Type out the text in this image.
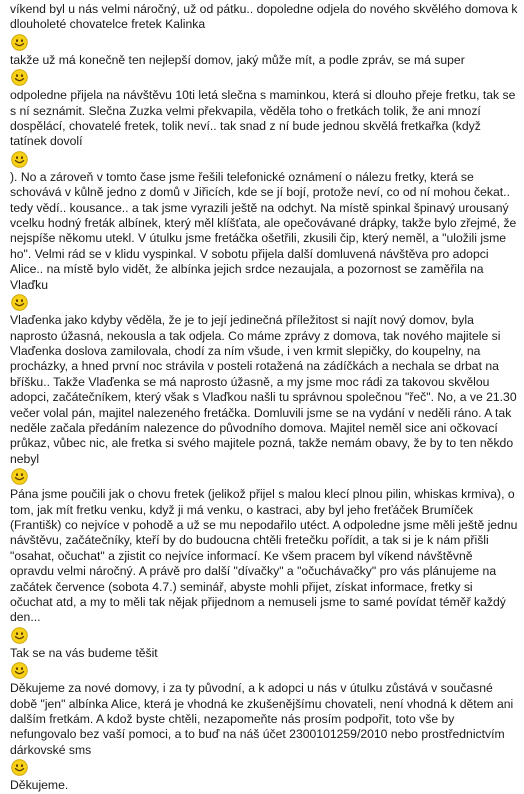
víkend byl u nás velmi náročný, už od pátku.. dopoledne odjela do nového skvělého domova k dlouholeté chovatelce fretek Kalinka

takže už má konečně ten nejlepší domov, jaký může mít, a podle zpráv, se má super

odpoledne přijela na návštěvu 10ti letá slečna s maminkou, která si dlouho přeje fretku, tak se s ní seznámit. Slečna Zuzka velmi překvapila, věděla toho o fretkách tolik, že ani mnozí dospělácí, chovatelé fretek, tolik neví.. tak snad z ní bude jednou skvělá fretkařka (když tatínek dovolí

). No a zároveň v tomto čase jsme řešili telefonické oznámení o nálezu fretky, která se schovává v kůlně jedno z domů v Jiřicích, kde se jí bojí, protože neví, co od ní mohou čekat.. tedy vědí.. kousance.. a tak jsme vyrazili ještě na odchyt. Na místě spinkal špinavý urousaný vcelku hodný freták albínek, který měl klíšťata, ale opečovávané drápky, takže bylo zřejmé, že nejspíše někomu utekl. V útulku jsme fretáčka ošetřili, zkusili čip, který neměl, a "uložili jsme ho". Velmi rád se v klidu vyspinkal. V sobotu přijela další domluvená návštěva pro adopci Alice.. na místě bylo vidět, že albínka jejich srdce nezaujala, a pozornost se zaměřila na Vlaďku

Vlaďenka jako kdyby věděla, že je to její jedinečná příležitost si najít nový domov, byla naprosto úžasná, nekousla a tak odjela. Co máme zprávy z domova, tak nového majitele si Vlaďenka doslova zamilovala, chodí za ním všude, i ven krmit slepičky, do koupelny, na procházky, a hned první noc strávila v posteli rotažená na zádíčkách a nechala se drbat na bříšku.. Takže Vlaďenka se má naprosto úžasně, a my jsme moc rádi za takovou skvělou adopci, začátečníkem, který však s Vlaďkou našli tu správnou společnou "řeč". No, a ve 21.30 večer volal pán, majitel nalezeného fretáčka. Domluvili jsme se na vydání v neděli ráno. A tak neděle začala předáním nalezence do původního domova. Majitel neměl sice ani očkovací průkaz, vůbec nic, ale fretka si svého majitele pozná, takže nemám obavy, že by to ten někdo nebyl

Pána jsme poučili jak o chovu fretek (jelikož přijel s malou klecí plnou pilin, whiskas krmiva), o tom, jak mít fretku venku, když ji má venku, o kastraci, aby byl jeho freťáček Brumíček (Františk) co nejvíce v pohodě a už se mu nepodařilo utéct. A odpoledne jsme měli ještě jednu návštěvu, začátečníky, kteří by do budoucna chtěli fretečku pořídit, a tak si je k nám přišli "osahat, očuchat" a zjistit co nejvíce informací. Ke všem pracem byl víkend návštěvně opravdu velmi náročný. A právě pro další "dívačky" a "očuchávačky" pro vás plánujeme na začátek července (sobota 4.7.) seminář, abyste mohli přijet, získat informace, fretky si očuchat atd, a my to měli tak nějak přijednom a nemuseli jsme to samé povídat téměř každý den...

Tak se na vás budeme těšit

Děkujeme za nové domovy, i za ty původní, a k adopci u nás v útulku zůstává v současné době "jen" albínka Alice, která je vhodná ke zkušenějšímu chovateli, není vhodná k dětem ani dalším fretkám. A kdož byste chtěli, nezapomeňte nás prosím podpořit, toto vše by nefungovalo bez vaší pomoci, a to buď na náš účet 2300101259/2010 nebo prostřednictvím dárkovské sms

Děkujeme.
